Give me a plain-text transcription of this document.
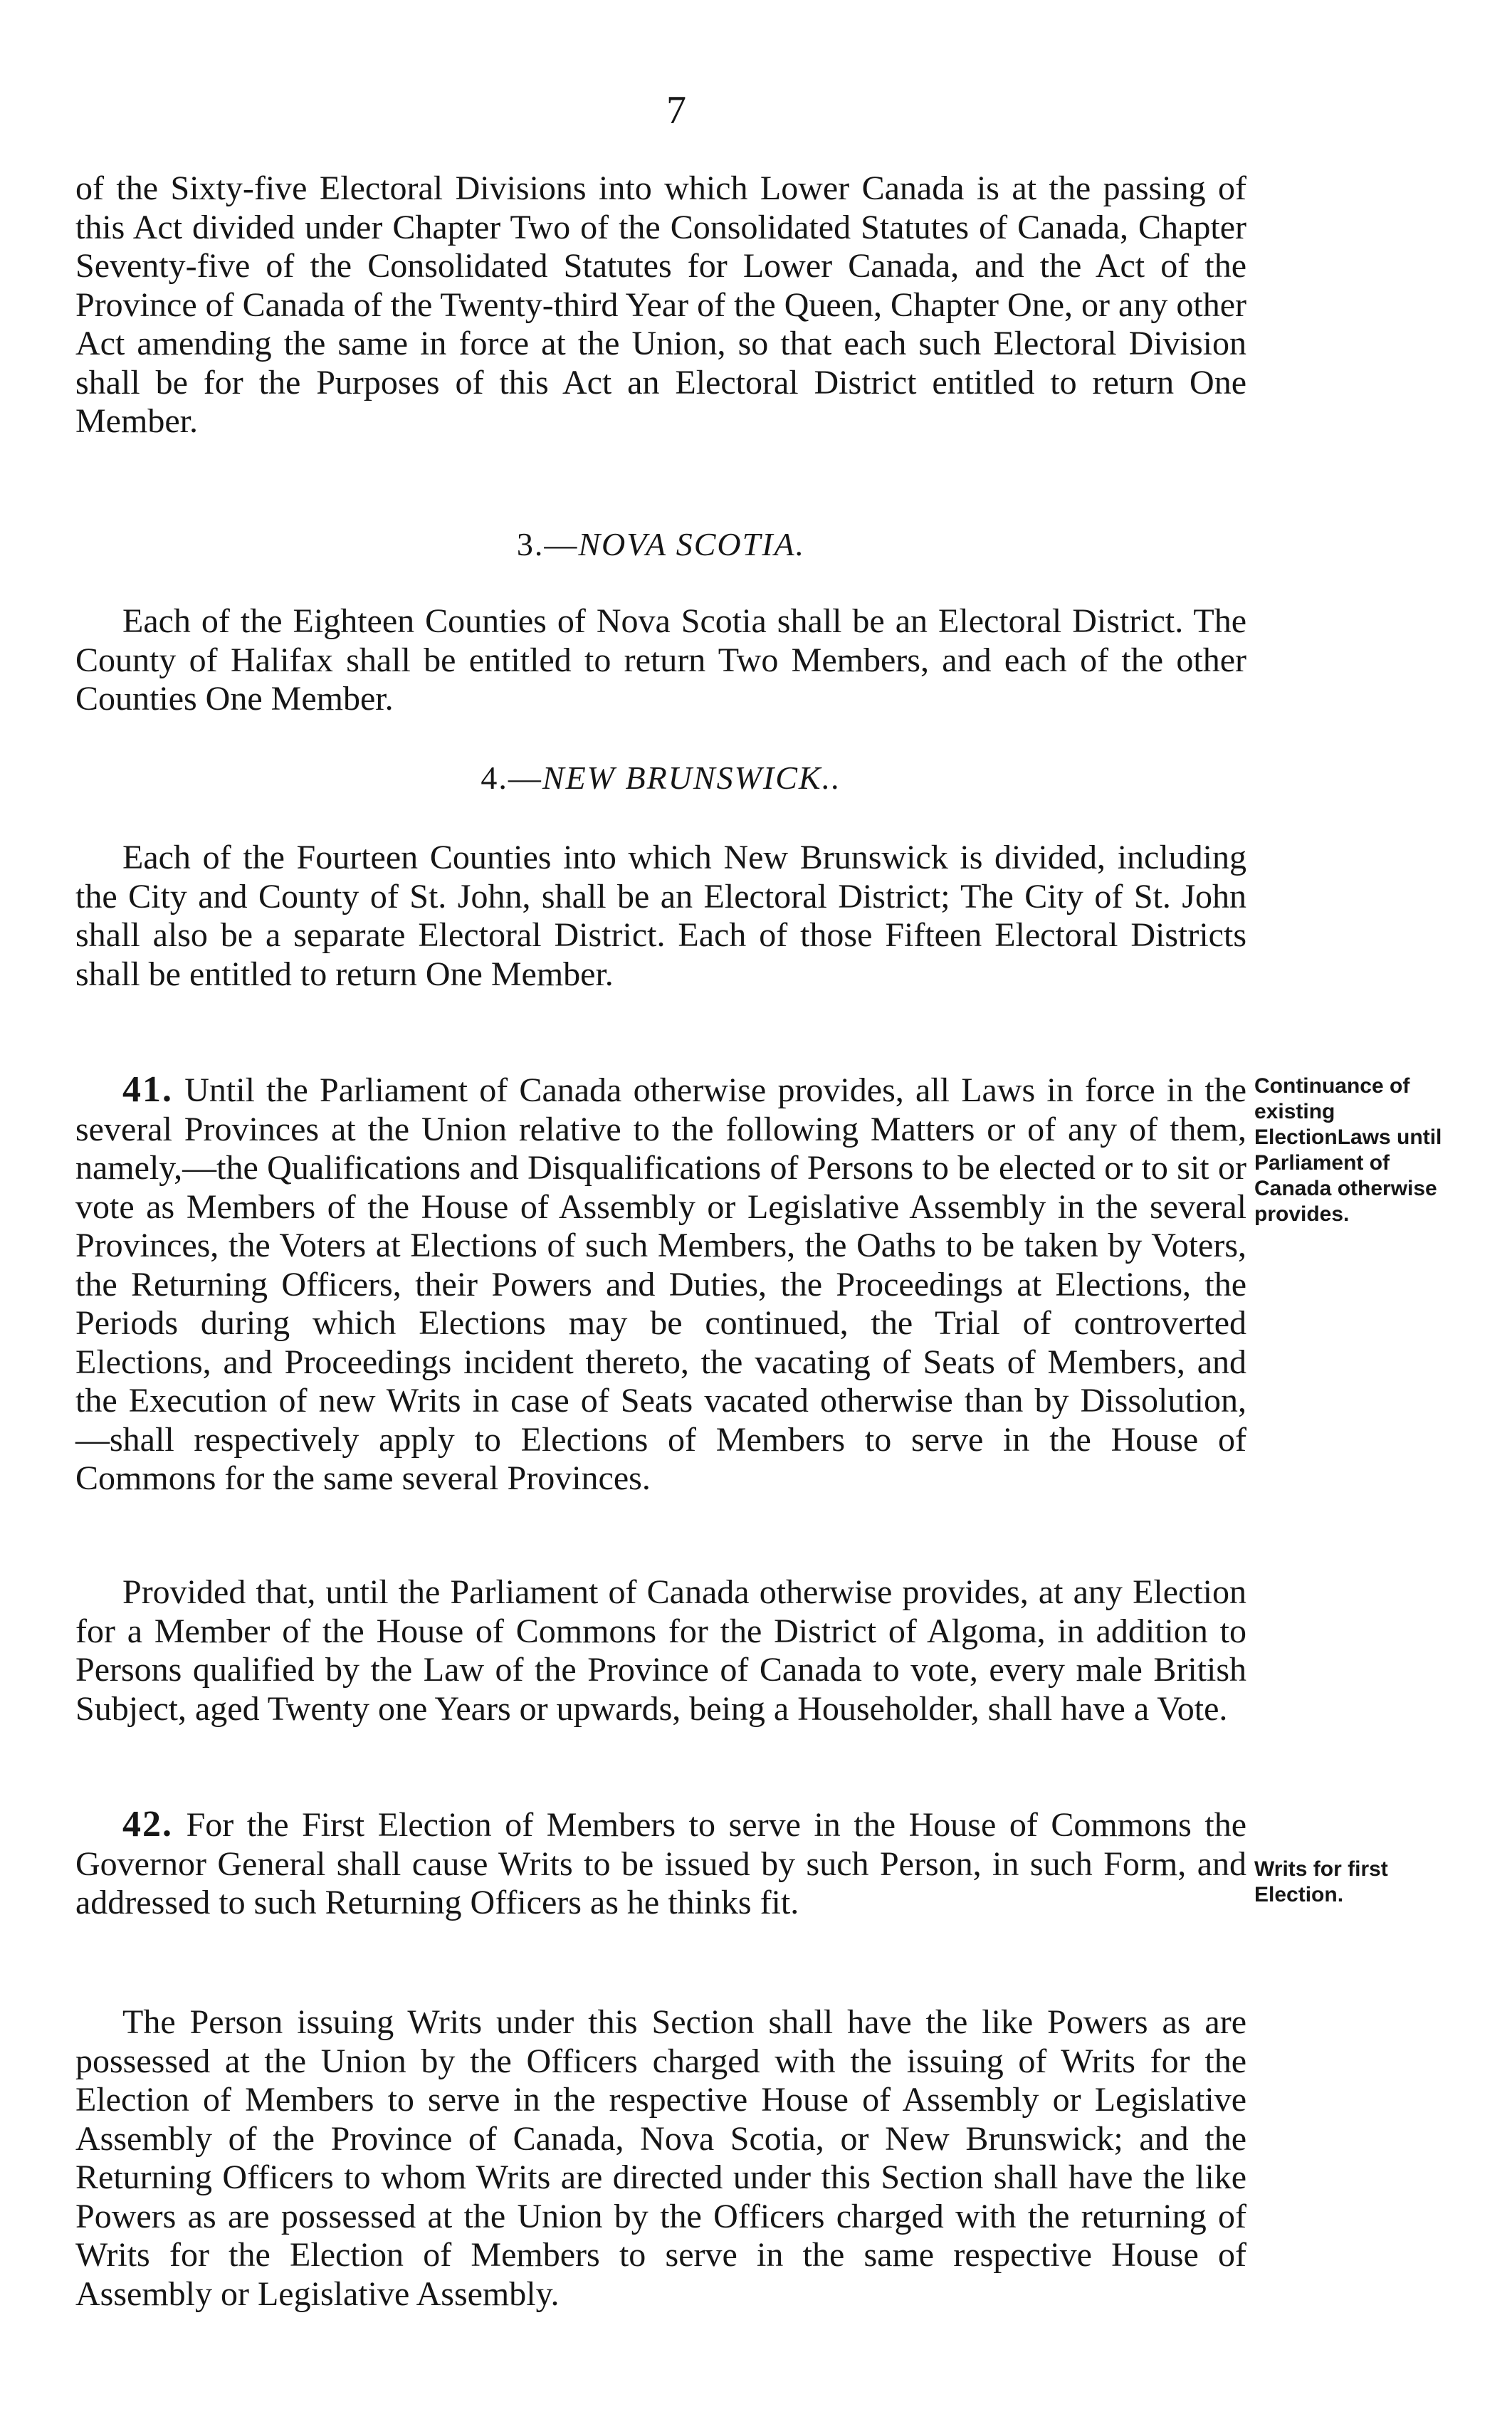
7

of the Sixty-five Electoral Divisions into which Lower Canada is at the passing of this Act divided under Chapter Two of the Consolidated Statutes of Canada, Chapter Seventy-five of the Consolidated Statutes for Lower Canada, and the Act of the Province of Canada of the Twenty-third Year of the Queen, Chapter One, or any other Act amending the same in force at the Union, so that each such Electoral Division shall be for the Purposes of this Act an Electoral District entitled to return One Member.

3.—NOVA SCOTIA.

Each of the Eighteen Counties of Nova Scotia shall be an Electoral District. The County of Halifax shall be entitled to return Two Members, and each of the other Counties One Member.

4.—NEW BRUNSWICK..

Each of the Fourteen Counties into which New Brunswick is divided, including the City and County of St. John, shall be an Electoral District; The City of St. John shall also be a separate Electoral District. Each of those Fifteen Electoral Districts shall be entitled to return One Member.

41. Until the Parliament of Canada otherwise provides, all Laws in force in the several Provinces at the Union relative to the following Matters or of any of them, namely,—the Qualifications and Disqualifications of Persons to be elected or to sit or vote as Members of the House of Assembly or Legislative Assembly in the several Provinces, the Voters at Elections of such Members, the Oaths to be taken by Voters, the Returning Officers, their Powers and Duties, the Proceedings at Elections, the Periods during which Elections may be continued, the Trial of controverted Elections, and Proceedings incident thereto, the vacating of Seats of Members, and the Execution of new Writs in case of Seats vacated otherwise than by Dissolution, —shall respectively apply to Elections of Members to serve in the House of Commons for the same several Provinces.

Continuance of existing ElectionLaws until Parliament of Canada otherwise provides.

Provided that, until the Parliament of Canada otherwise provides, at any Election for a Member of the House of Commons for the District of Algoma, in addition to Persons qualified by the Law of the Province of Canada to vote, every male British Subject, aged Twenty one Years or upwards, being a Householder, shall have a Vote.

42. For the First Election of Members to serve in the House of Commons the Governor General shall cause Writs to be issued by such Person, in such Form, and addressed to such Returning Officers as he thinks fit.

Writs for first Election.

The Person issuing Writs under this Section shall have the like Powers as are possessed at the Union by the Officers charged with the issuing of Writs for the Election of Members to serve in the respective House of Assembly or Legislative Assembly of the Province of Canada, Nova Scotia, or New Brunswick; and the Returning Officers to whom Writs are directed under this Section shall have the like Powers as are possessed at the Union by the Officers charged with the returning of Writs for the Election of Members to serve in the same respective House of Assembly or Legislative Assembly.
